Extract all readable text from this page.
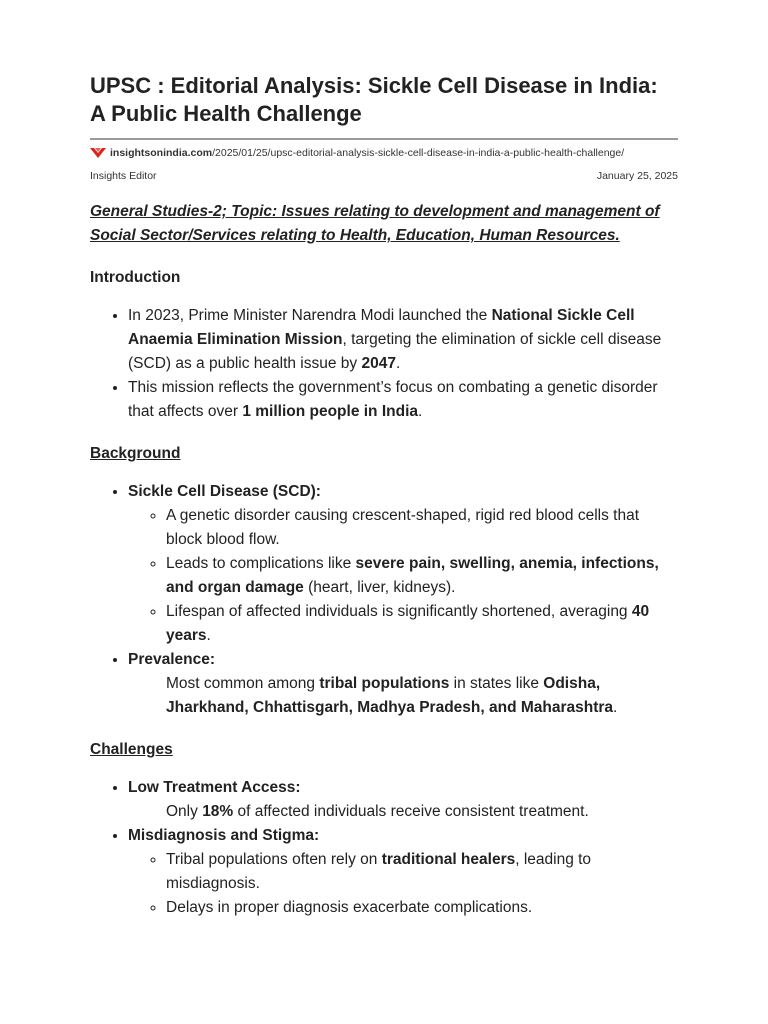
UPSC : Editorial Analysis: Sickle Cell Disease in India: A Public Health Challenge
insightsonindia.com /2025/01/25/upsc-editorial-analysis-sickle-cell-disease-in-india-a-public-health-challenge/
Insights Editor	January 25, 2025

General Studies-2; Topic: Issues relating to development and management of Social Sector/Services relating to Health, Education, Human Resources.

Introduction

• In 2023, Prime Minister Narendra Modi launched the National Sickle Cell Anaemia Elimination Mission, targeting the elimination of sickle cell disease (SCD) as a public health issue by 2047.
• This mission reflects the government’s focus on combating a genetic disorder that affects over 1 million people in India.

Background

• Sickle Cell Disease (SCD):
◦ A genetic disorder causing crescent-shaped, rigid red blood cells that block blood flow.
◦ Leads to complications like severe pain, swelling, anemia, infections, and organ damage (heart, liver, kidneys).
◦ Lifespan of affected individuals is significantly shortened, averaging 40 years.
• Prevalence:
Most common among tribal populations in states like Odisha, Jharkhand, Chhattisgarh, Madhya Pradesh, and Maharashtra.

Challenges

• Low Treatment Access:
Only 18% of affected individuals receive consistent treatment.
• Misdiagnosis and Stigma:
◦ Tribal populations often rely on traditional healers, leading to misdiagnosis.
◦ Delays in proper diagnosis exacerbate complications.
